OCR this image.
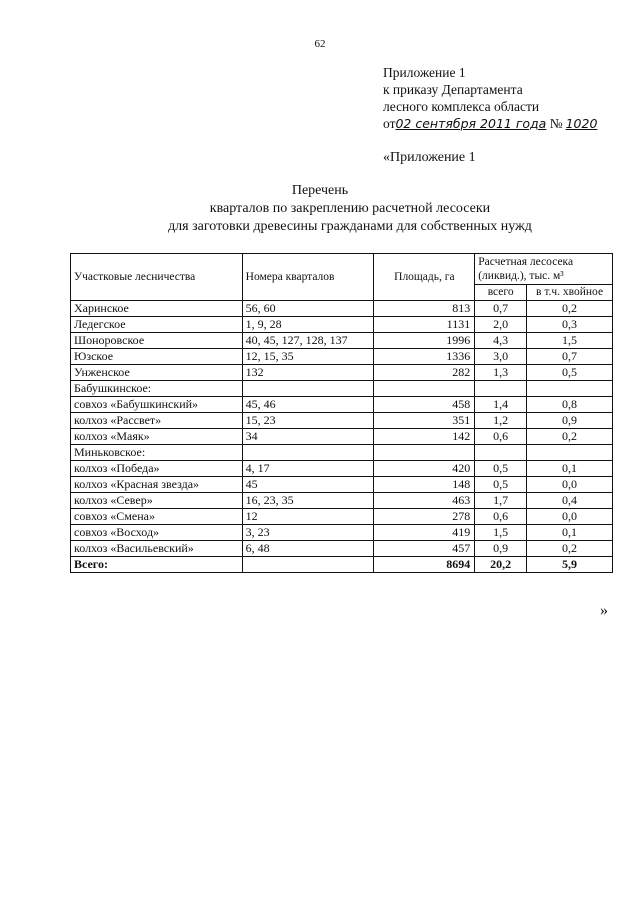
62
Приложение 1
к приказу Департамента
лесного комплекса области
от02 сентября 2011 года № 1020
«Приложение 1
Перечень
кварталов по закреплению расчетной лесосеки
для заготовки древесины гражданами для собственных нужд
Участковые лесничества	Номера кварталов	Площадь, га	Расчетная лесосека (ликвид.), тыс. м³	
			всего	в т.ч. хвойное
Харинское	56, 60	813	0,7	0,2
Ледегское	1, 9, 28	1131	2,0	0,3
Шоноровское	40, 45, 127, 128, 137	1996	4,3	1,5
Юзское	12, 15, 35	1336	3,0	0,7
Унженское	132	282	1,3	0,5
Бабушкинское:				
совхоз «Бабушкинский»	45, 46	458	1,4	0,8
колхоз «Рассвет»	15, 23	351	1,2	0,9
колхоз «Маяк»	34	142	0,6	0,2
Миньковское:				
колхоз «Победа»	4, 17	420	0,5	0,1
колхоз «Красная звезда»	45	148	0,5	0,0
колхоз «Север»	16, 23, 35	463	1,7	0,4
совхоз «Смена»	12	278	0,6	0,0
совхоз «Восход»	3, 23	419	1,5	0,1
колхоз «Васильевский»	6, 48	457	0,9	0,2
Всего:		8694	20,2	5,9
»
